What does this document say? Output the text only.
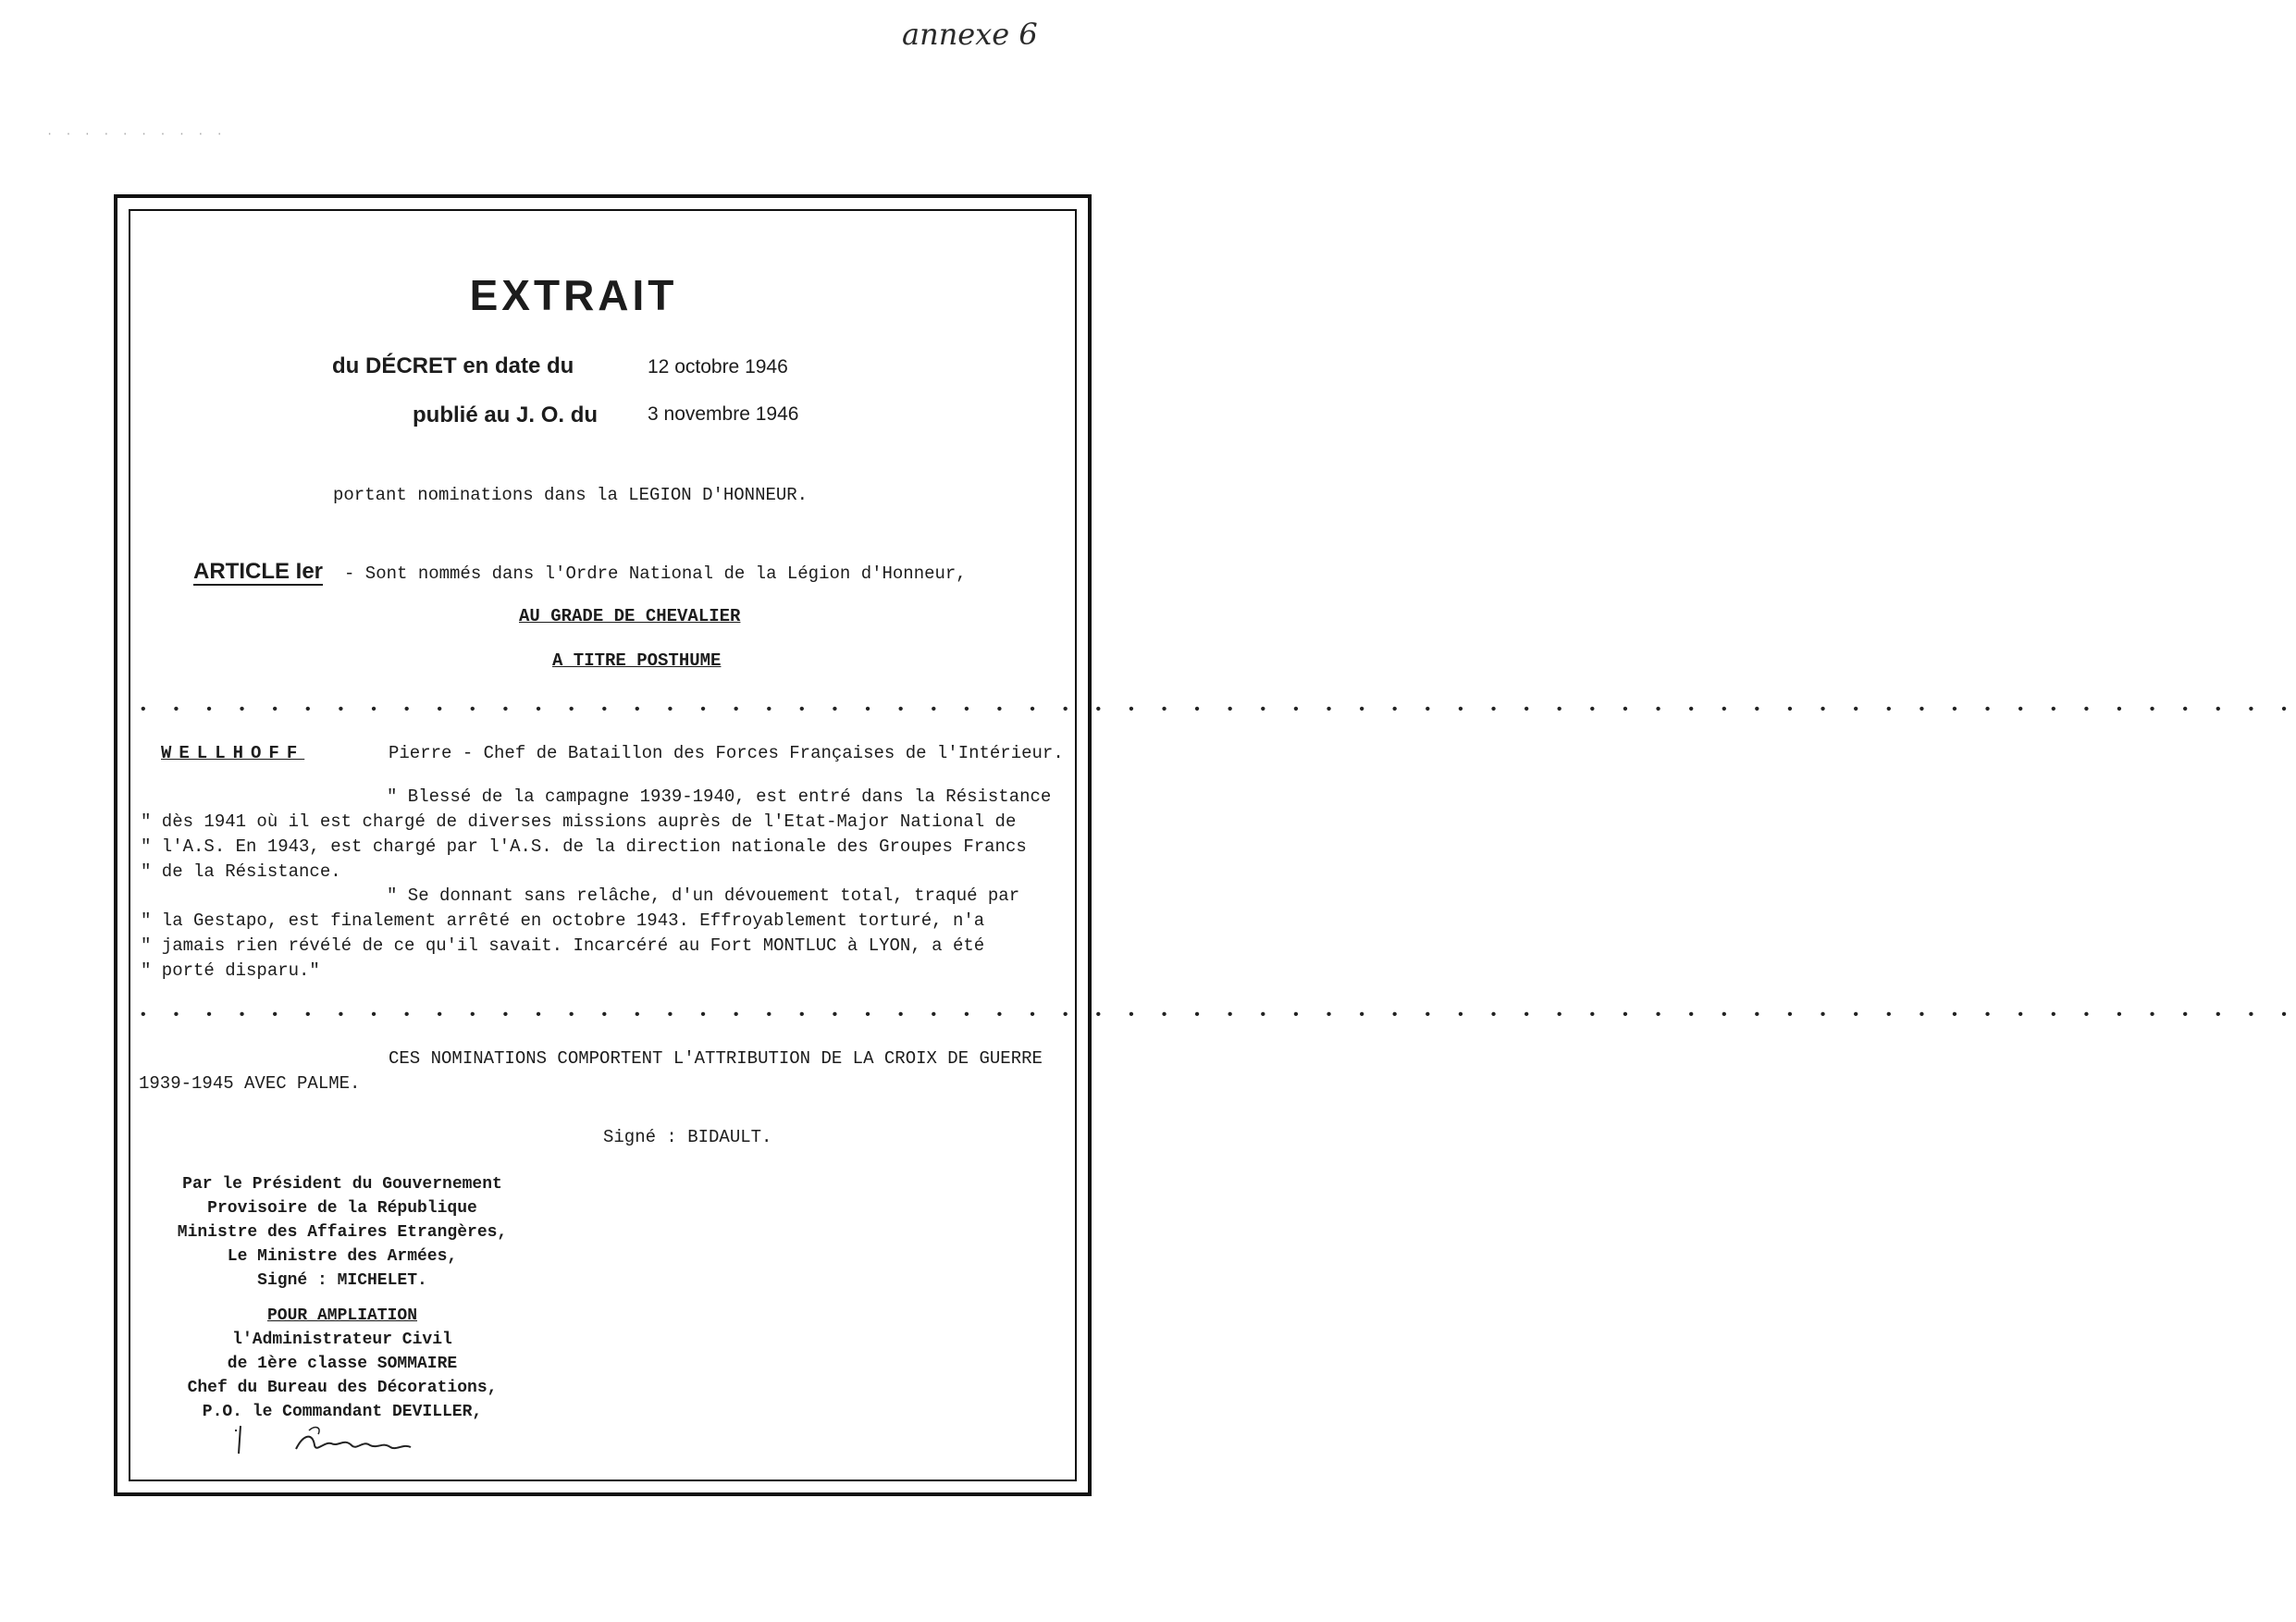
annexe 6
· · · · · · · · · ·
EXTRAIT
du DÉCRET en date du	12 octobre 1946
publié au J. O. du	3 novembre 1946
portant nominations dans la LEGION D'HONNEUR.
ARTICLE Ier - Sont nommés dans l'Ordre National de la Légion d'Honneur,
AU GRADE DE CHEVALIER
A TITRE POSTHUME
• • • • • • • • • • • • • • • • • • • • • • • • • • • • • • • • • • • • • • • • • • • • • • • • • • • • • • • • • • • • • • • • • •
WELLHOFF	Pierre - Chef de Bataillon des Forces Françaises de l'Intérieur.
" Blessé de la campagne 1939-1940, est entré dans la Résistance
" dès 1941 où il est chargé de diverses missions auprès de l'Etat-Major National de
" l'A.S. En 1943, est chargé par l'A.S. de la direction nationale des Groupes Francs
" de la Résistance.
" Se donnant sans relâche, d'un dévouement total, traqué par
" la Gestapo, est finalement arrêté en octobre 1943. Effroyablement torturé, n'a
" jamais rien révélé de ce qu'il savait. Incarcéré au Fort MONTLUC à LYON, a été
" porté disparu."
• • • • • • • • • • • • • • • • • • • • • • • • • • • • • • • • • • • • • • • • • • • • • • • • • • • • • • • • • • • • • • • • • •
CES NOMINATIONS COMPORTENT L'ATTRIBUTION DE LA CROIX DE GUERRE
1939-1945 AVEC PALME.
Signé : BIDAULT.
Par le Président du Gouvernement
Provisoire de la République
Ministre des Affaires Etrangères,
Le Ministre des Armées,
Signé : MICHELET.
POUR AMPLIATION
l'Administrateur Civil
de 1ère classe SOMMAIRE
Chef du Bureau des Décorations,
P.O. le Commandant DEVILLER,
